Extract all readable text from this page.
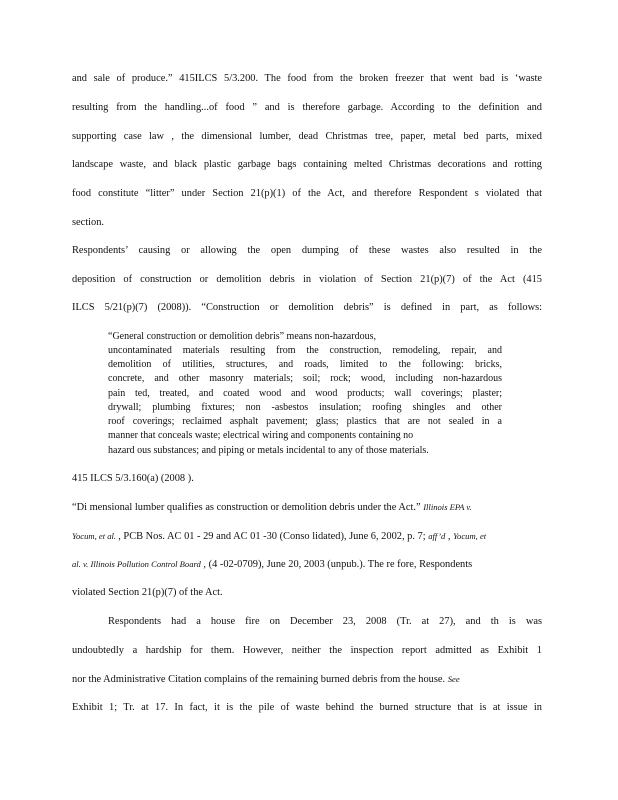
and sale of produce.” 415ILCS 5/3.200. The food from the broken freezer that went bad is ‘waste
resulting from the handling...of food ” and is therefore garbage. According to the definition and
supporting case law , the dimensional lumber, dead Christmas tree, paper, metal bed parts, mixed
landscape waste, and black plastic garbage bags containing melted Christmas decorations and rotting
food constitute “litter” under Section 21(p)(1) of the Act, and therefore Respondent s violated that
section.
Respondents’ causing or allowing the open dumping of these wastes also resulted in the
deposition of construction or demolition debris in violation of Section 21(p)(7) of the Act (415
ILCS 5/21(p)(7) (2008)). “Construction or demolition debris” is defined in part, as follows:
“General construction or demolition debris” means non-hazardous,
uncontaminated materials resulting from the construction, remodeling, repair, and
demolition of utilities, structures, and roads, limited to the following: bricks,
concrete, and other masonry materials; soil; rock; wood, including non-hazardous
pain ted, treated, and coated wood and wood products; wall coverings; plaster;
drywall; plumbing fixtures; non -asbestos insulation; roofing shingles and other
roof coverings; reclaimed asphalt pavement; glass; plastics that are not sealed in a
manner that conceals waste; electrical wiring and components containing no
hazard ous substances; and piping or metals incidental to any of those materials.
415 ILCS 5/3.160(a) (2008 ).
“Di mensional lumber qualifies as construction or demolition debris under the Act.” Illinois EPA v.
Yocum, et al. , PCB Nos. AC 01 - 29 and AC 01 -30 (Conso lidated), June 6, 2002, p. 7; aff’d , Yocum, et
al. v. Illinois Pollution Control Board , (4 -02-0709), June 20, 2003 (unpub.). The re fore, Respondents
violated Section 21(p)(7) of the Act.
Respondents had a house fire on December 23, 2008 (Tr. at 27), and th is was
undoubtedly a hardship for them. However, neither the inspection report admitted as Exhibit 1
nor the Administrative Citation complains of the remaining burned debris from the house. See
Exhibit 1; Tr. at 17. In fact, it is the pile of waste behind the burned structure that is at issue in
